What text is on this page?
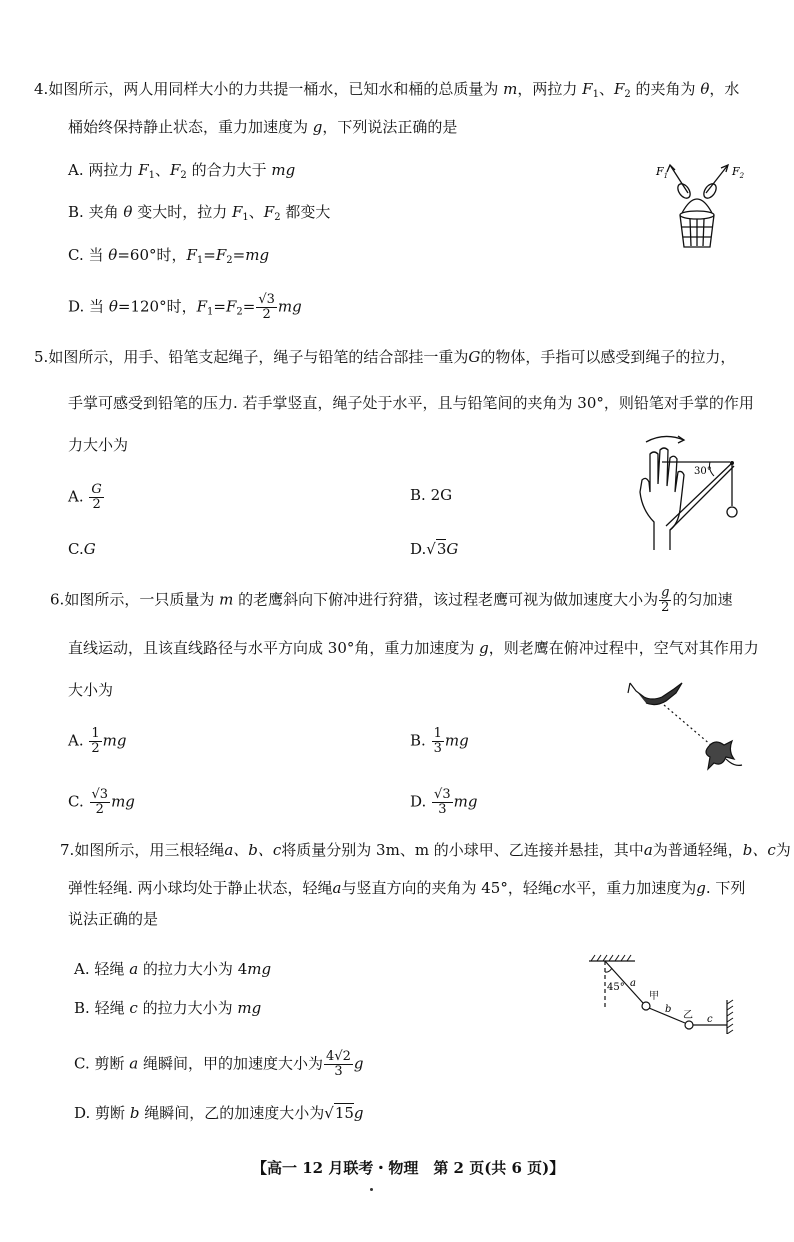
4.如图所示，两人用同样大小的力共提一桶水，已知水和桶的总质量为 m，两拉力 $F_1$、$F_2$ 的夹角为 θ，水
桶始终保持静止状态，重力加速度为 g，下列说法正确的是
A. 两拉力 $F_1$、$F_2$ 的合力大于 mg
B. 夹角 θ 变大时，拉力 $F_1$、$F_2$ 都变大
C. 当 θ=60°时，$F_1=F_2=mg$
D. 当 θ=120°时，$F_1=F_2= \frac{√3}{2}$ mg
$F_1$	$F_2$
5.如图所示，用手、铅笔支起绳子，绳子与铅笔的结合部挂一重为G的物体，手指可以感受到绳子的拉力，
手掌可感受到铅笔的压力. 若手掌竖直，绳子处于水平，且与铅笔间的夹角为 30°，则铅笔对手掌的作用
力大小为
A. $\frac{G}{2}$	B. 2G
C.G	D.√3G
30°
6.如图所示，一只质量为 m 的老鹰斜向下俯冲进行狩猎，该过程老鹰可视为做加速度大小为 $\frac{g}{2}$ 的匀加速
直线运动，且该直线路径与水平方向成 30°角，重力加速度为 g，则老鹰在俯冲过程中，空气对其作用力
大小为
A. $\frac{1}{2}$ mg	B. $\frac{1}{3}$ mg
C. $\frac{√3}{2}$ mg	D. $\frac{√3}{3}$ mg
7.如图所示，用三根轻绳a、b、c将质量分别为 3m、m 的小球甲、乙连接并悬挂，其中a为普通轻绳，b、c为
弹性轻绳. 两小球均处于静止状态，轻绳a与竖直方向的夹角为 45°，轻绳c水平，重力加速度为g. 下列
说法正确的是
A. 轻绳 a 的拉力大小为 4mg
B. 轻绳 c 的拉力大小为 mg
C. 剪断 a 绳瞬间，甲的加速度大小为 $\frac{4√2}{3}$ g
D. 剪断 b 绳瞬间，乙的加速度大小为√15g
45° a
甲
b
乙 c
【高一 12 月联考・物理　第 2 页(共 6 页)】
